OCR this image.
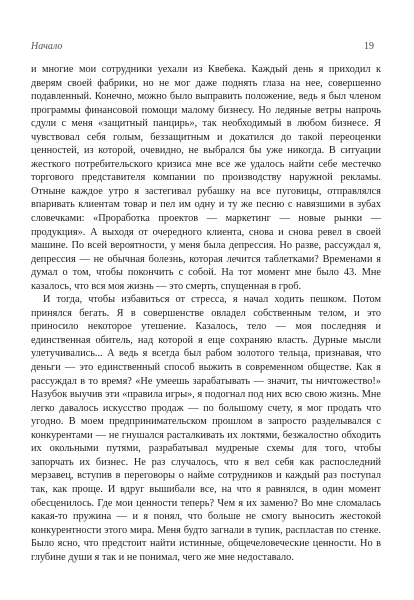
Начало	19

и многие мои сотрудники уехали из Квебека. Каждый день я приходил к дверям своей фабрики, но не мог даже поднять глаза на нее, совершенно подавленный. Конечно, можно было выправить положение, ведь я был членом программы финансовой помощи малому бизнесу. Но ледяные ветры напрочь сдули с меня «защитный панцирь», так необходимый в любом бизнесе. Я чувствовал себя голым, беззащитным и докатился до такой переоценки ценностей, из которой, очевидно, не выбрался бы уже никогда. В ситуации жесткого потребительского кризиса мне все же удалось найти себе местечко торгового представителя компании по производству наружной рекламы. Отныне каждое утро я застегивал рубашку на все пуговицы, отправлялся впаривать клиентам товар и пел им одну и ту же песню с навязшими в зубах словечками: «Проработка проектов — маркетинг — новые рынки — продукция». А выходя от очередного клиента, снова и снова ревел в своей машине. По всей вероятности, у меня была депрессия. Но разве, рассуждал я, депрессия — не обычная болезнь, которая лечится таблетками? Временами я думал о том, чтобы покончить с собой. На тот момент мне было 43. Мне казалось, что вся моя жизнь — это смерть, спущенная в гроб.

И тогда, чтобы избавиться от стресса, я начал ходить пешком. Потом принялся бегать. Я в совершенстве овладел собственным телом, и это приносило некоторое утешение. Казалось, тело — моя последняя и единственная обитель, над которой я еще сохраняю власть. Дурные мысли улетучивались... А ведь я всегда был рабом золотого тельца, признавая, что деньги — это единственный способ выжить в современном обществе. Как я рассуждал в то время? «Не умеешь зарабатывать — значит, ты ничтожество!» Назубок выучив эти «правила игры», я подогнал под них всю свою жизнь. Мне легко давалось искусство продаж — по большому счету, я мог продать что угодно. В моем предпринимательском прошлом в запросто разделывался с конкурентами — не гнушался расталкивать их локтями, безжалостно обходить их окольными путями, разрабатывал мудреные схемы для того, чтобы запорчать их бизнес. Не раз случалось, что я вел себя как распоследний мерзавец, вступив в переговоры о найме сотрудников и каждый раз поступал так, как проще. И вдруг вышибали все, на что я равнялся, в один момент обесценилось. Где мои ценности теперь? Чем я их заменю? Во мне сломалась какая-то пружина — и я понял, что больше не смогу выносить жестокой конкурентности этого мира. Меня будто загнали в тупик, распластав по стенке. Было ясно, что предстоит найти истинные, общечеловеческие ценности. Но в глубине души я так и не понимал, чего же мне недоставало.
